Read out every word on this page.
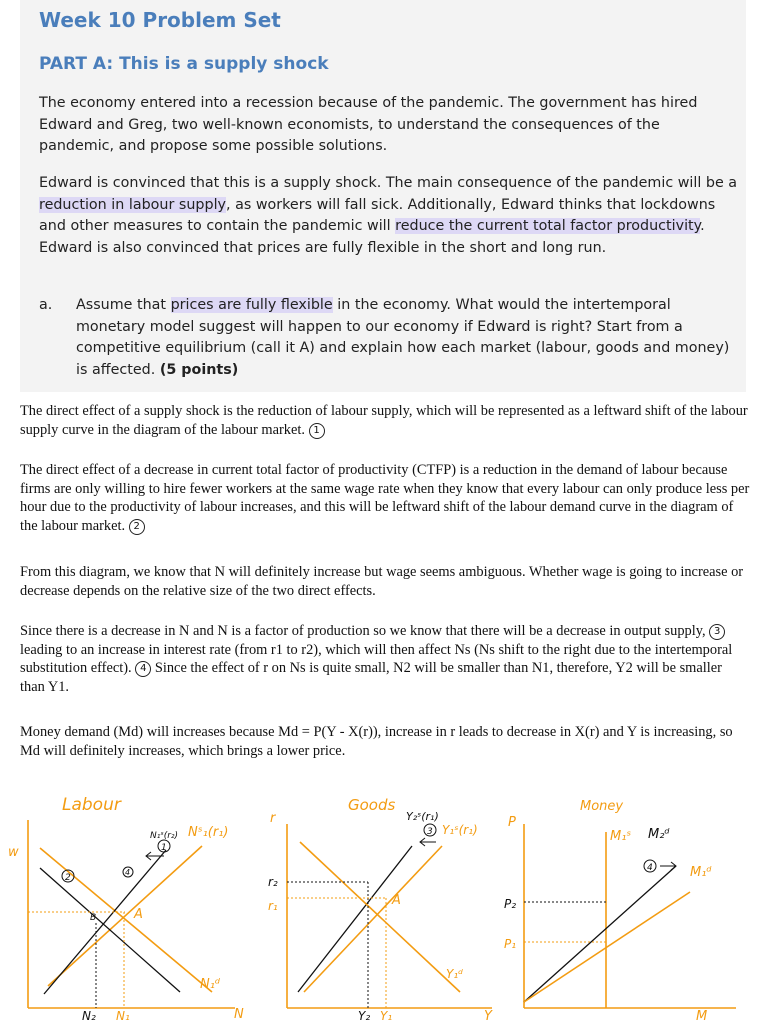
Week 10 Problem Set
PART A: This is a supply shock
The economy entered into a recession because of the pandemic. The government has hired Edward and Greg, two well-known economists, to understand the consequences of the pandemic, and propose some possible solutions.
Edward is convinced that this is a supply shock. The main consequence of the pandemic will be a reduction in labour supply, as workers will fall sick. Additionally, Edward thinks that lockdowns and other measures to contain the pandemic will reduce the current total factor productivity. Edward is also convinced that prices are fully flexible in the short and long run.
a. Assume that prices are fully flexible in the economy. What would the intertemporal monetary model suggest will happen to our economy if Edward is right? Start from a competitive equilibrium (call it A) and explain how each market (labour, goods and money) is affected. (5 points)
The direct effect of a supply shock is the reduction of labour supply, which will be represented as a leftward shift of the labour supply curve in the diagram of the labour market. 1
The direct effect of a decrease in current total factor of productivity (CTFP) is a reduction in the demand of labour because firms are only willing to hire fewer workers at the same wage rate when they know that every labour can only produce less per hour due to the productivity of labour increases, and this will be leftward shift of the labour demand curve in the diagram of the labour market. 2
From this diagram, we know that N will definitely increase but wage seems ambiguous. Whether wage is going to increase or decrease depends on the relative size of the two direct effects.
Since there is a decrease in N and N is a factor of production so we know that there will be a decrease in output supply, 3 leading to an increase in interest rate (from r1 to r2), which will then affect Ns (Ns shift to the right due to the intertemporal substitution effect). 4 Since the effect of r on Ns is quite small, N2 will be smaller than N1, therefore, Y2 will be smaller than Y1.
Money demand (Md) will increases because Md = P(Y - X(r)), increase in r leads to decrease in X(r) and Y is increasing, so Md will definitely increases, which brings a lower price.
Labour
w
N
A
B
N₁ˢ(r₂) Nˢ₁(r₁)
N₁ᵈ
1
2
4
N₂ N₁
Goods
r
Y
r₂
r₁	A
Y₂ˢ(r₁)
Y₁ˢ(r₁)
Y₁ᵈ
3
Y₂ Y₁
Money
P
M
P₂
P₁
M₁ˢ M₂ᵈ
M₁ᵈ
4
